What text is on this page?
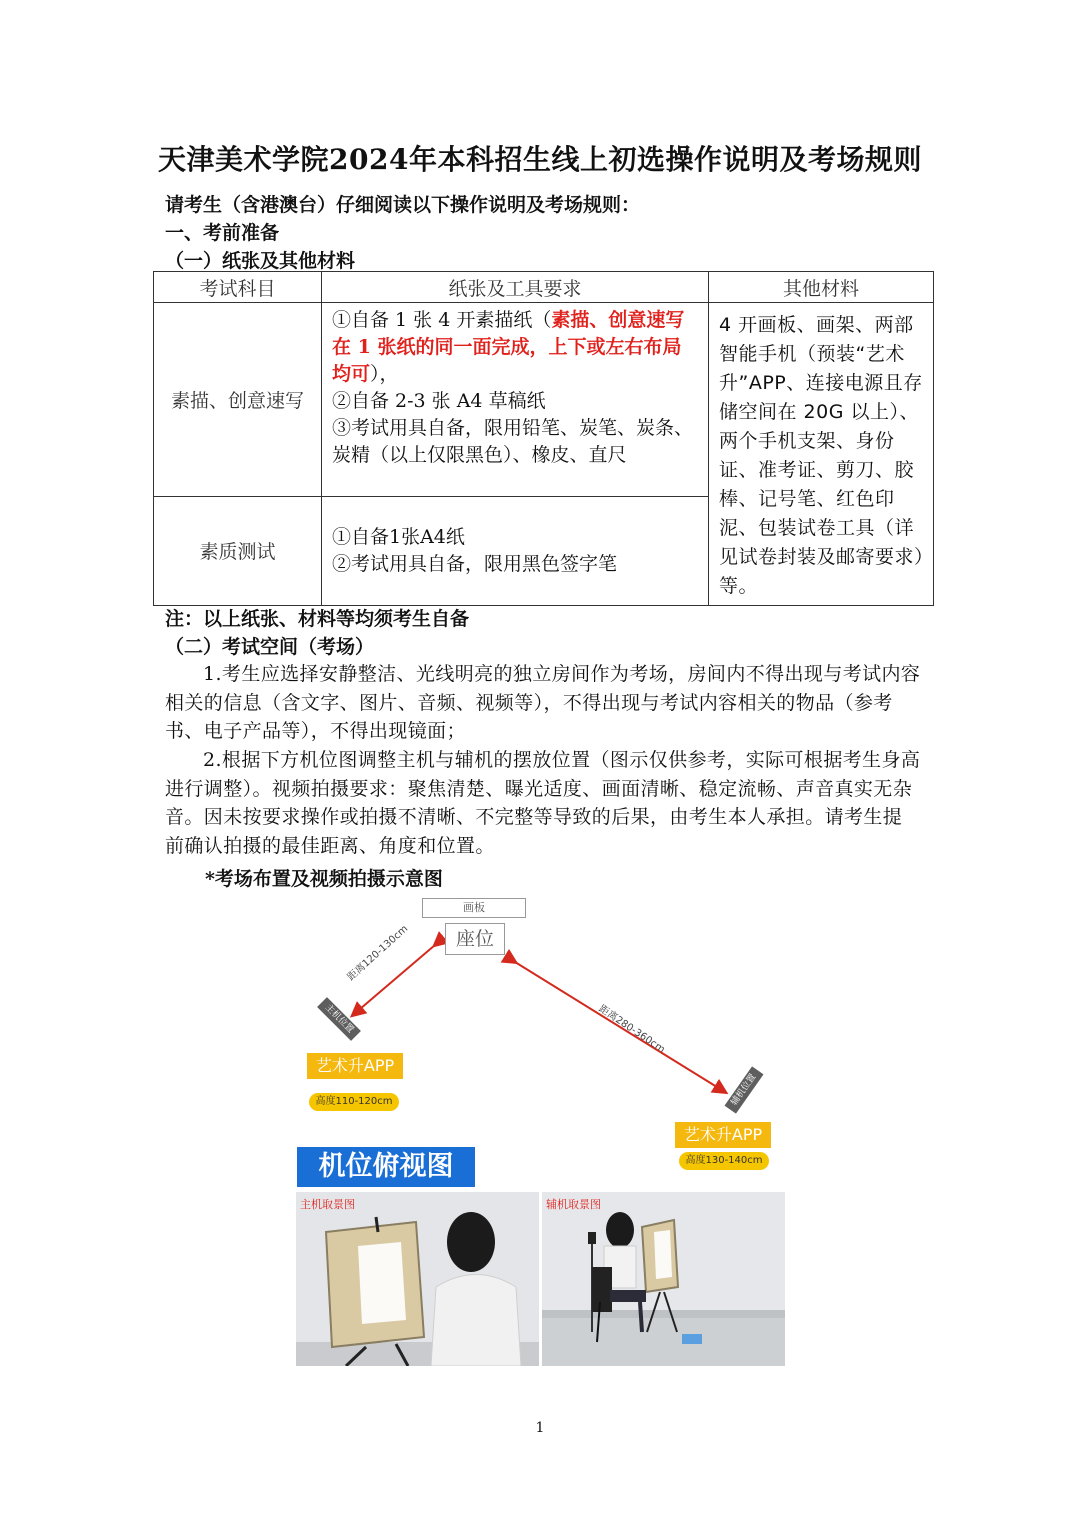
天津美术学院2024年本科招生线上初选操作说明及考场规则
请考生（含港澳台）仔细阅读以下操作说明及考场规则：
一、考前准备
（一）纸张及其他材料
考试科目	纸张及工具要求	其他材料
素描、创意速写	①自备 1 张 4 开素描纸（素描、创意速写在 1 张纸的同一面完成，上下或左右布局均可），
②自备 2-3 张 A4 草稿纸
③考试用具自备，限用铅笔、炭笔、炭条、炭精（以上仅限黑色）、橡皮、直尺	4 开画板、画架、两部智能手机（预装“艺术升”APP、连接电源且存储空间在 20G 以上）、两个手机支架、身份证、准考证、剪刀、胶棒、记号笔、红色印泥、包装试卷工具（详见试卷封装及邮寄要求）等。
素质测试	①自备1张A4纸
②考试用具自备，限用黑色签字笔	
注：以上纸张、材料等均须考生自备
（二）考试空间（考场）
1.考生应选择安静整洁、光线明亮的独立房间作为考场，房间内不得出现与考试内容相关的信息（含文字、图片、音频、视频等），不得出现与考试内容相关的物品（参考书、电子产品等），不得出现镜面；
2.根据下方机位图调整主机与辅机的摆放位置（图示仅供参考，实际可根据考生身高进行调整）。视频拍摄要求：聚焦清楚、曝光适度、画面清晰、稳定流畅、声音真实无杂音。因未按要求操作或拍摄不清晰、不完整等导致的后果，由考生本人承担。请考生提前确认拍摄的最佳距离、角度和位置。
*考场布置及视频拍摄示意图
画板
座位
距离120-130cm
距离280-360cm
主机位置
辅机位置
艺术升APP
高度110-120cm
艺术升APP
高度130-140cm
机位俯视图
主机取景图	辅机取景图
1
